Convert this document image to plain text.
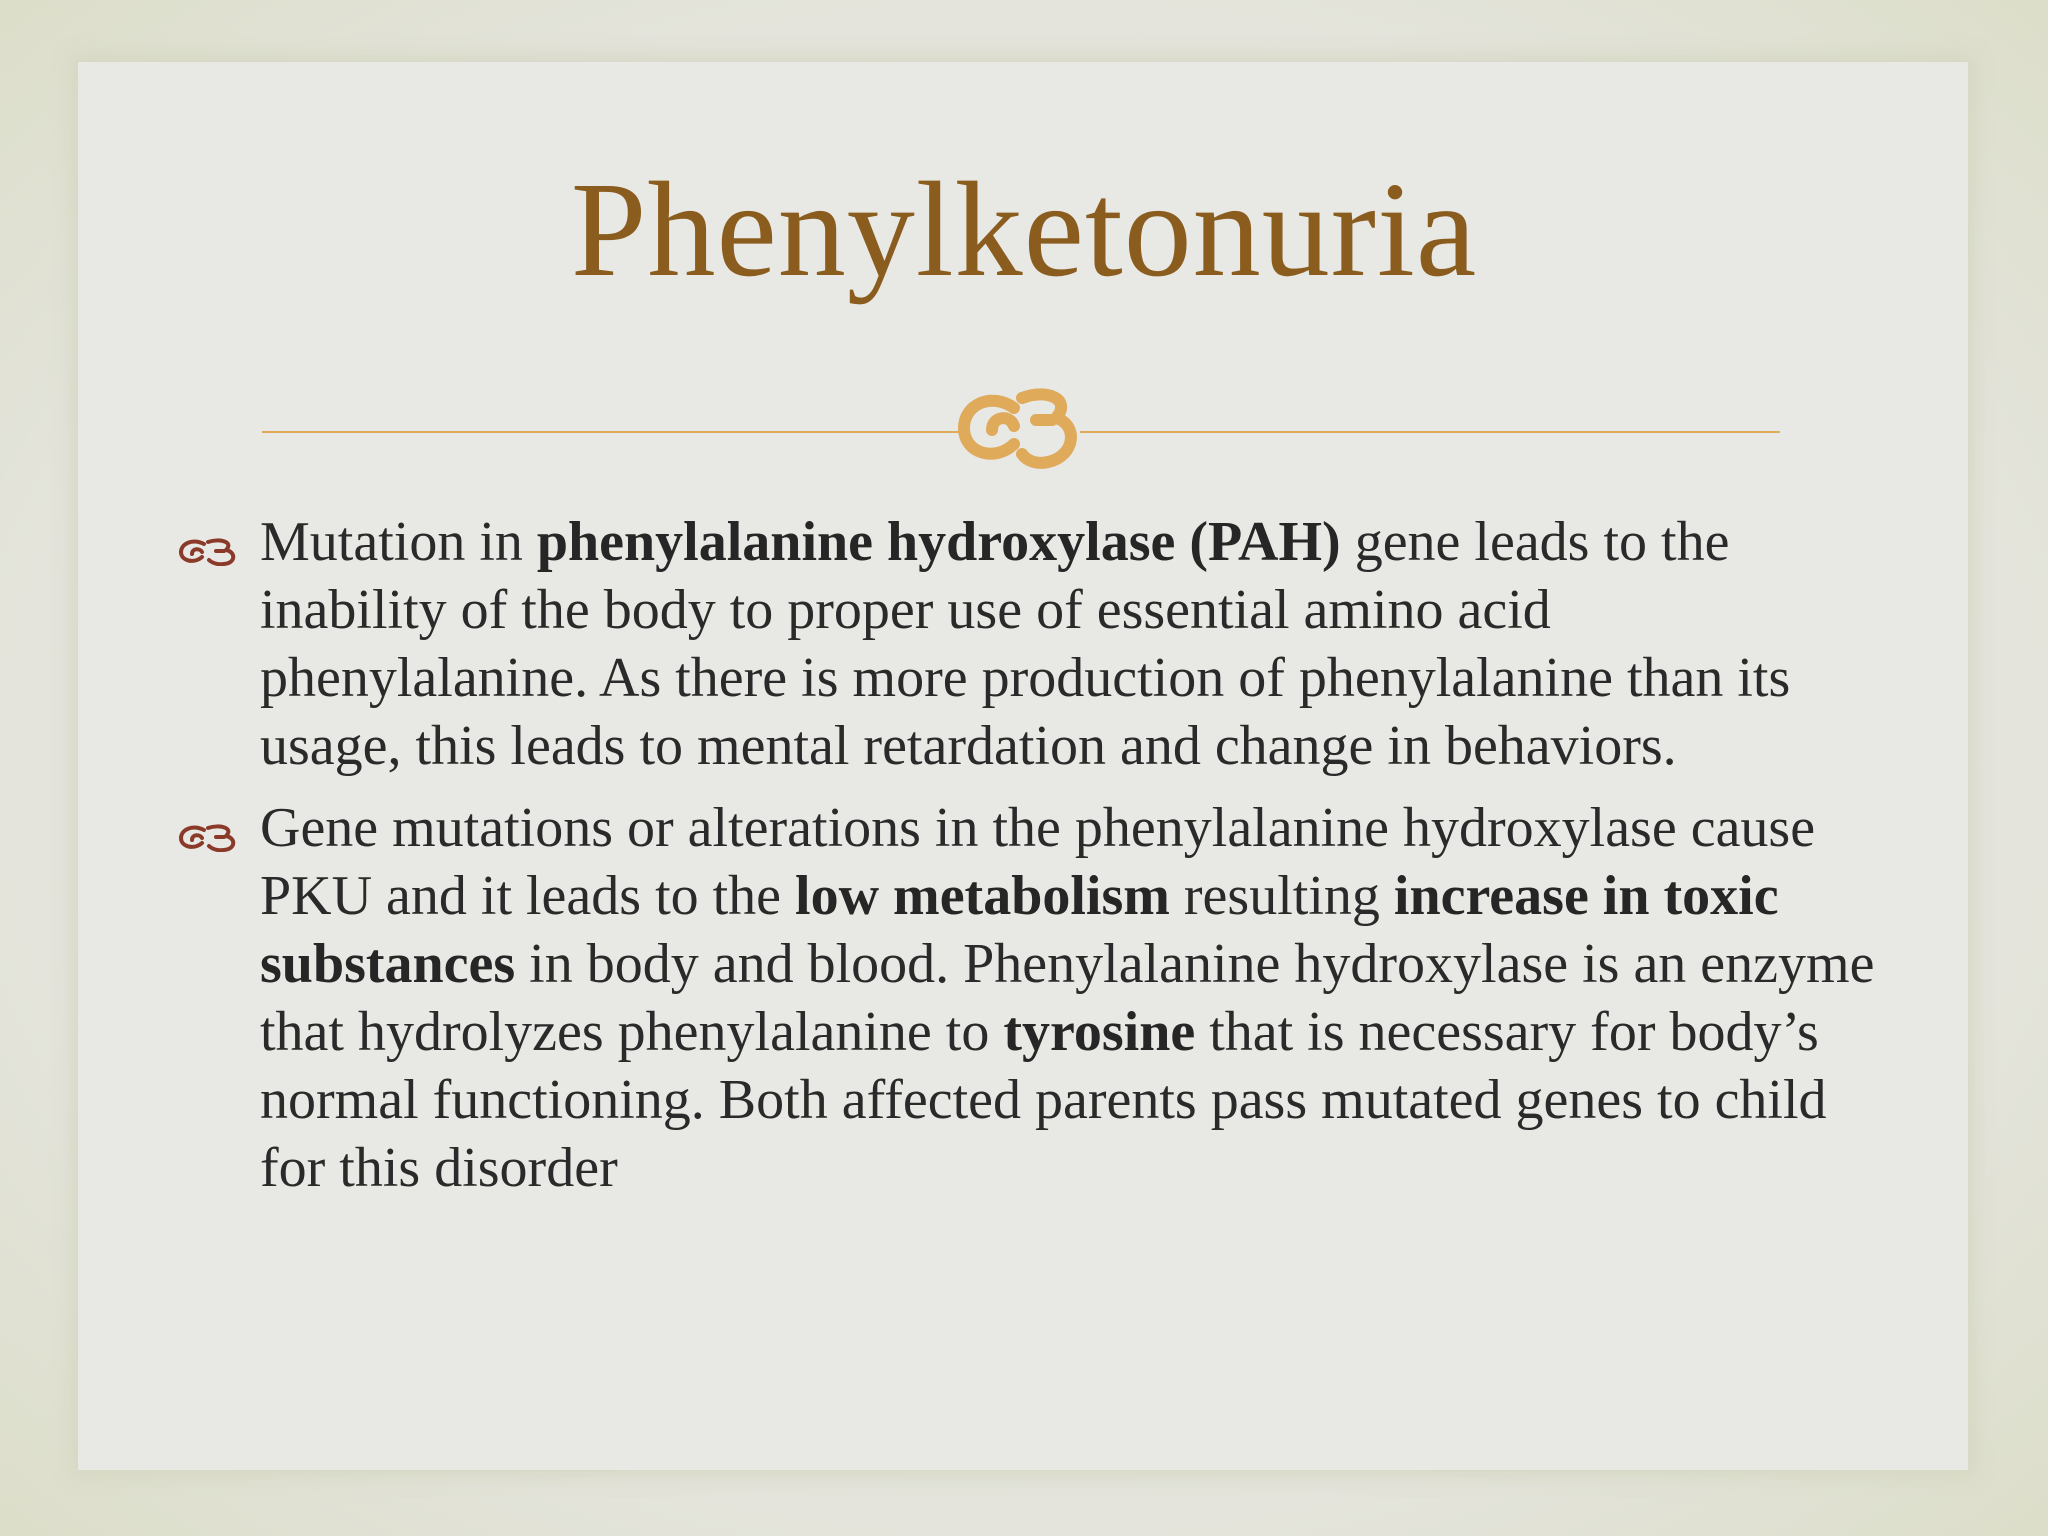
Phenylketonuria
Mutation in phenylalanine hydroxylase (PAH) gene leads to the inability of the body to proper use of essential amino acid phenylalanine. As there is more production of phenylalanine than its usage, this leads to mental retardation and change in behaviors.
Gene mutations or alterations in the phenylalanine hydroxylase cause PKU and it leads to the low metabolism resulting increase in toxic substances in body and blood. Phenylalanine hydroxylase is an enzyme that hydrolyzes phenylalanine to tyrosine that is necessary for body’s normal functioning. Both affected parents pass mutated genes to child for this disorder
